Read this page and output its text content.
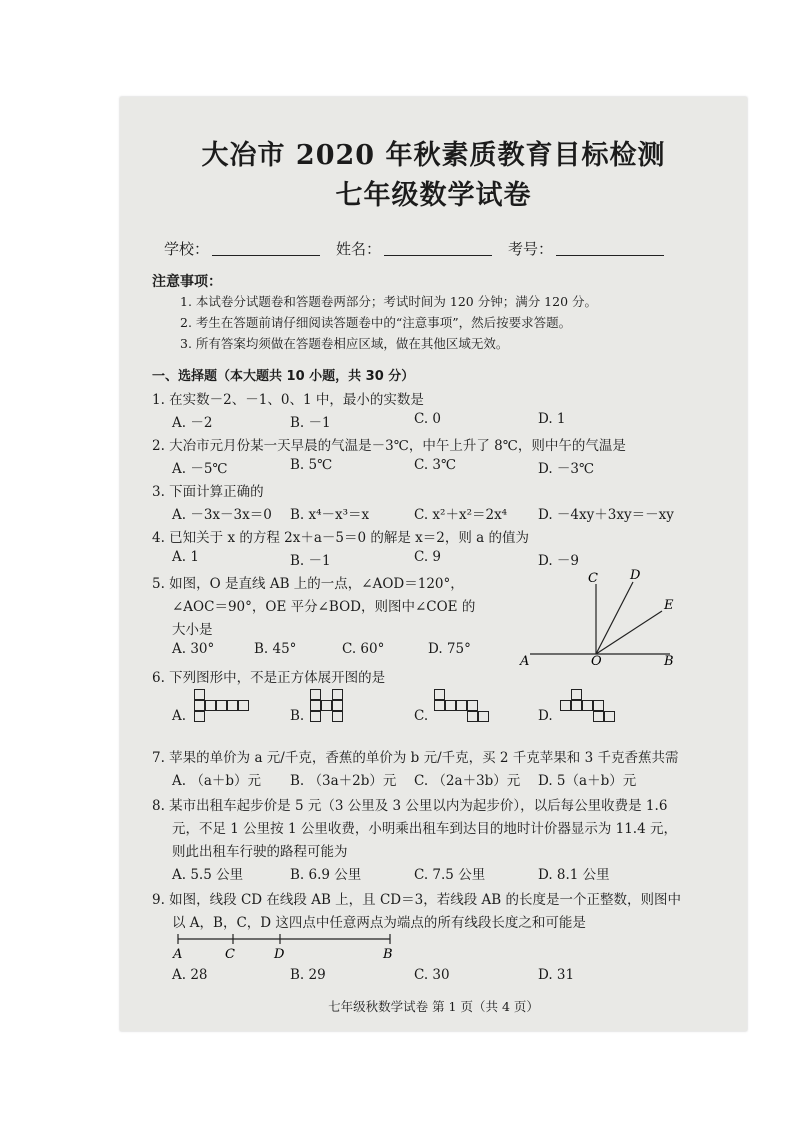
大冶市 2020 年秋素质教育目标检测
七年级数学试卷
学校：	姓名：	考号：
注意事项：
1. 本试卷分试题卷和答题卷两部分；考试时间为 120 分钟；满分 120 分。
2. 考生在答题前请仔细阅读答题卷中的“注意事项”，然后按要求答题。
3. 所有答案均须做在答题卷相应区域，做在其他区域无效。
一、选择题（本大题共 10 小题，共 30 分）
1. 在实数－2、－1、0、1 中，最小的实数是
A. －2	B. －1	C. 0	D. 1
2. 大冶市元月份某一天早晨的气温是－3℃，中午上升了 8℃，则中午的气温是
A. －5℃	B. 5℃	C. 3℃	D. －3℃
3. 下面计算正确的
A. －3x－3x＝0 B. x⁴－x³＝x	C. x²＋x²＝2x⁴ D. －4xy＋3xy＝－xy
4. 已知关于 x 的方程 2x＋a－5＝0 的解是 x＝2，则 a 的值为
A. 1	B. －1	C. 9	D. －9
5. 如图，O 是直线 AB 上的一点，∠AOD＝120°，
∠AOC＝90°，OE 平分∠BOD，则图中∠COE 的
大小是
A. 30°	B. 45°	C. 60°	D. 75°
A	O	B
C D
E
6. 下列图形中，不是正方体展开图的是
A.	B.	C.	D.
7. 苹果的单价为 a 元/千克，香蕉的单价为 b 元/千克，买 2 千克苹果和 3 千克香蕉共需
A. （a＋b）元 B. （3a＋2b）元 C. （2a＋3b）元 D. 5（a＋b）元
8. 某市出租车起步价是 5 元（3 公里及 3 公里以内为起步价），以后每公里收费是 1.6
元，不足 1 公里按 1 公里收费，小明乘出租车到达目的地时计价器显示为 11.4 元，
则此出租车行驶的路程可能为
A. 5.5 公里	B. 6.9 公里	C. 7.5 公里	D. 8.1 公里
9. 如图，线段 CD 在线段 AB 上，且 CD＝3，若线段 AB 的长度是一个正整数，则图中
以 A，B，C，D 这四点中任意两点为端点的所有线段长度之和可能是
A	C	D	B
A. 28	B. 29	C. 30	D. 31
七年级秋数学试卷 第 1 页（共 4 页）
